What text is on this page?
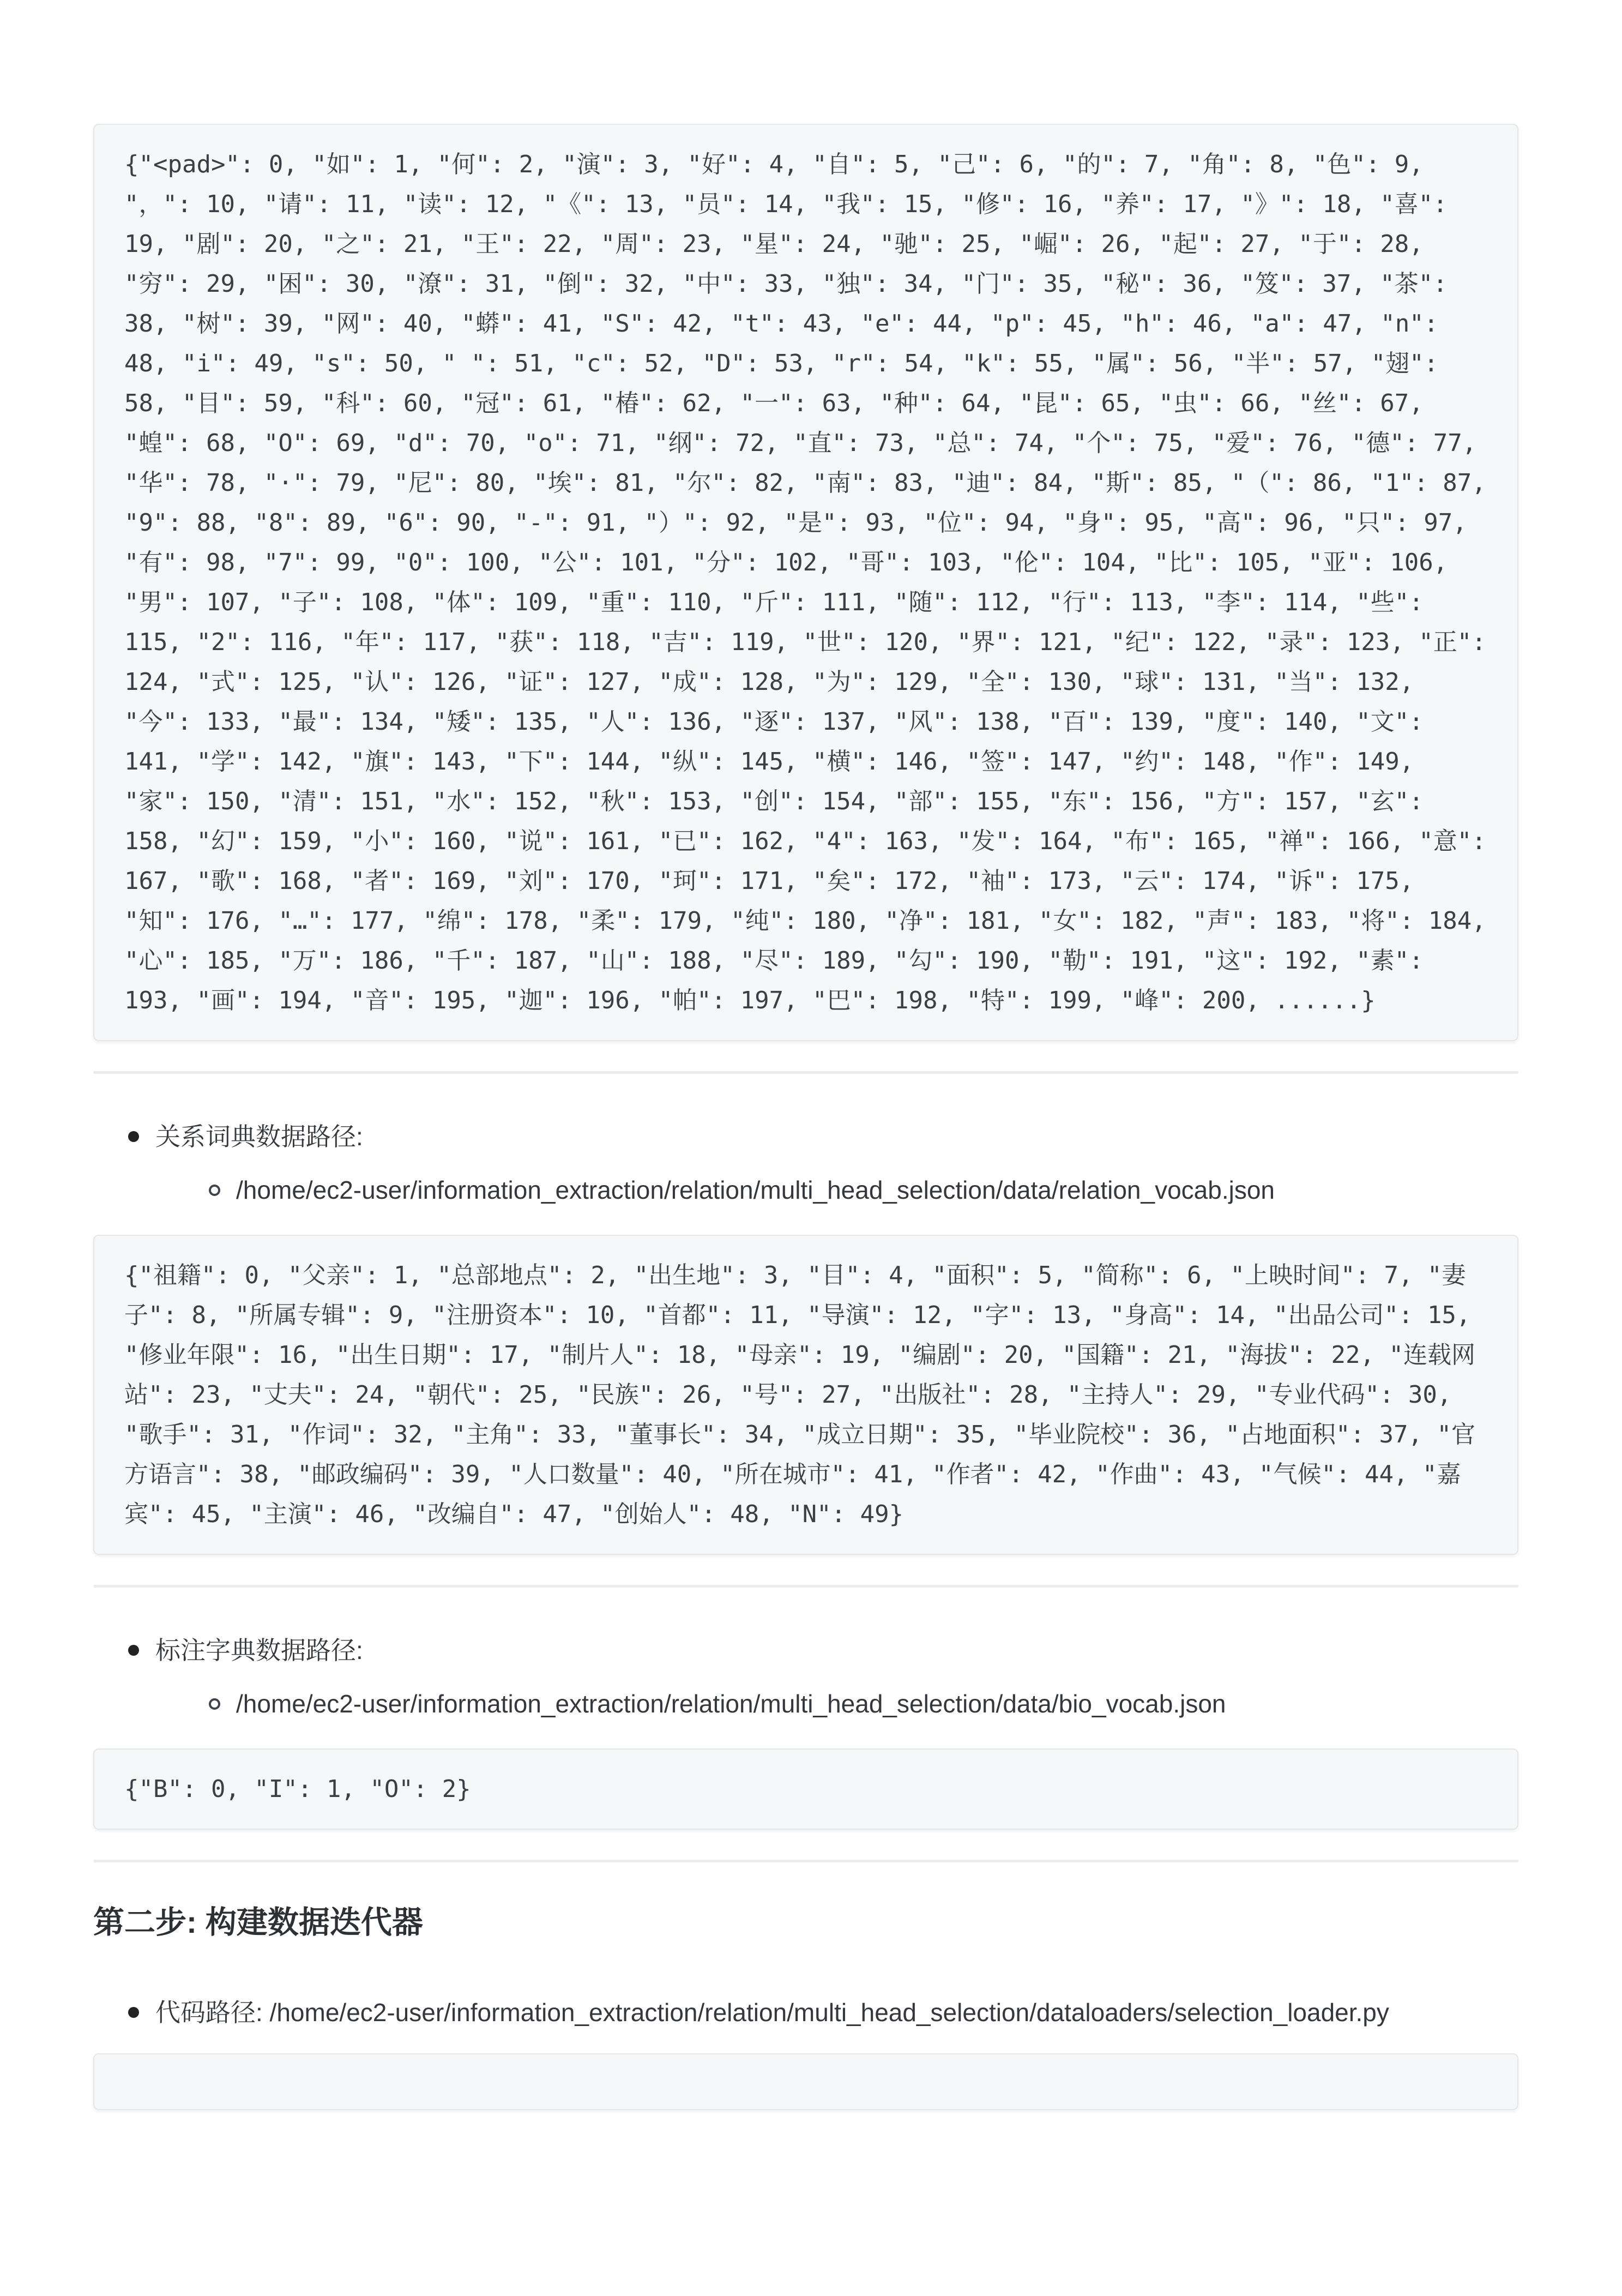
{"<pad>": 0, "如": 1, "何": 2, "演": 3, "好": 4, "自": 5, "己": 6, "的": 7, "角": 8, "色": 9, "，": 10, "请": 11, "读": 12, "《": 13, "员": 14, "我": 15, "修": 16, "养": 17, "》": 18, "喜": 19, "剧": 20, "之": 21, "王": 22, "周": 23, "星": 24, "驰": 25, "崛": 26, "起": 27, "于": 28, "穷": 29, "困": 30, "潦": 31, "倒": 32, "中": 33, "独": 34, "门": 35, "秘": 36, "笈": 37, "茶": 38, "树": 39, "网": 40, "蟒": 41, "S": 42, "t": 43, "e": 44, "p": 45, "h": 46, "a": 47, "n": 48, "i": 49, "s": 50, " ": 51, "c": 52, "D": 53, "r": 54, "k": 55, "属": 56, "半": 57, "翅": 58, "目": 59, "科": 60, "冠": 61, "椿": 62, "一": 63, "种": 64, "昆": 65, "虫": 66, "丝": 67, "蝗": 68, "O": 69, "d": 70, "o": 71, "纲": 72, "直": 73, "总": 74, "个": 75, "爱": 76, "德": 77, "华": 78, "·": 79, "尼": 80, "埃": 81, "尔": 82, "南": 83, "迪": 84, "斯": 85, "（": 86, "1": 87, "9": 88, "8": 89, "6": 90, "-": 91, "）": 92, "是": 93, "位": 94, "身": 95, "高": 96, "只": 97, "有": 98, "7": 99, "0": 100, "公": 101, "分": 102, "哥": 103, "伦": 104, "比": 105, "亚": 106, "男": 107, "子": 108, "体": 109, "重": 110, "斤": 111, "随": 112, "行": 113, "李": 114, "些": 115, "2": 116, "年": 117, "获": 118, "吉": 119, "世": 120, "界": 121, "纪": 122, "录": 123, "正": 124, "式": 125, "认": 126, "证": 127, "成": 128, "为": 129, "全": 130, "球": 131, "当": 132, "今": 133, "最": 134, "矮": 135, "人": 136, "逐": 137, "风": 138, "百": 139, "度": 140, "文": 141, "学": 142, "旗": 143, "下": 144, "纵": 145, "横": 146, "签": 147, "约": 148, "作": 149, "家": 150, "清": 151, "水": 152, "秋": 153, "创": 154, "部": 155, "东": 156, "方": 157, "玄": 158, "幻": 159, "小": 160, "说": 161, "已": 162, "4": 163, "发": 164, "布": 165, "禅": 166, "意": 167, "歌": 168, "者": 169, "刘": 170, "珂": 171, "矣": 172, "袖": 173, "云": 174, "诉": 175, "知": 176, "…": 177, "绵": 178, "柔": 179, "纯": 180, "净": 181, "女": 182, "声": 183, "将": 184, "心": 185, "万": 186, "千": 187, "山": 188, "尽": 189, "勾": 190, "勒": 191, "这": 192, "素": 193, "画": 194, "音": 195, "迦": 196, "帕": 197, "巴": 198, "特": 199, "峰": 200, ......}
关系词典数据路径:
/home/ec2-user/information_extraction/relation/multi_head_selection/data/relation_vocab.json
{"祖籍": 0, "父亲": 1, "总部地点": 2, "出生地": 3, "目": 4, "面积": 5, "简称": 6, "上映时间": 7, "妻子": 8, "所属专辑": 9, "注册资本": 10, "首都": 11, "导演": 12, "字": 13, "身高": 14, "出品公司": 15, "修业年限": 16, "出生日期": 17, "制片人": 18, "母亲": 19, "编剧": 20, "国籍": 21, "海拔": 22, "连载网站": 23, "丈夫": 24, "朝代": 25, "民族": 26, "号": 27, "出版社": 28, "主持人": 29, "专业代码": 30, "歌手": 31, "作词": 32, "主角": 33, "董事长": 34, "成立日期": 35, "毕业院校": 36, "占地面积": 37, "官方语言": 38, "邮政编码": 39, "人口数量": 40, "所在城市": 41, "作者": 42, "作曲": 43, "气候": 44, "嘉宾": 45, "主演": 46, "改编自": 47, "创始人": 48, "N": 49}
标注字典数据路径:
/home/ec2-user/information_extraction/relation/multi_head_selection/data/bio_vocab.json
{"B": 0, "I": 1, "O": 2}
第二步: 构建数据迭代器
代码路径: /home/ec2-user/information_extraction/relation/multi_head_selection/dataloaders/selection_loader.py
